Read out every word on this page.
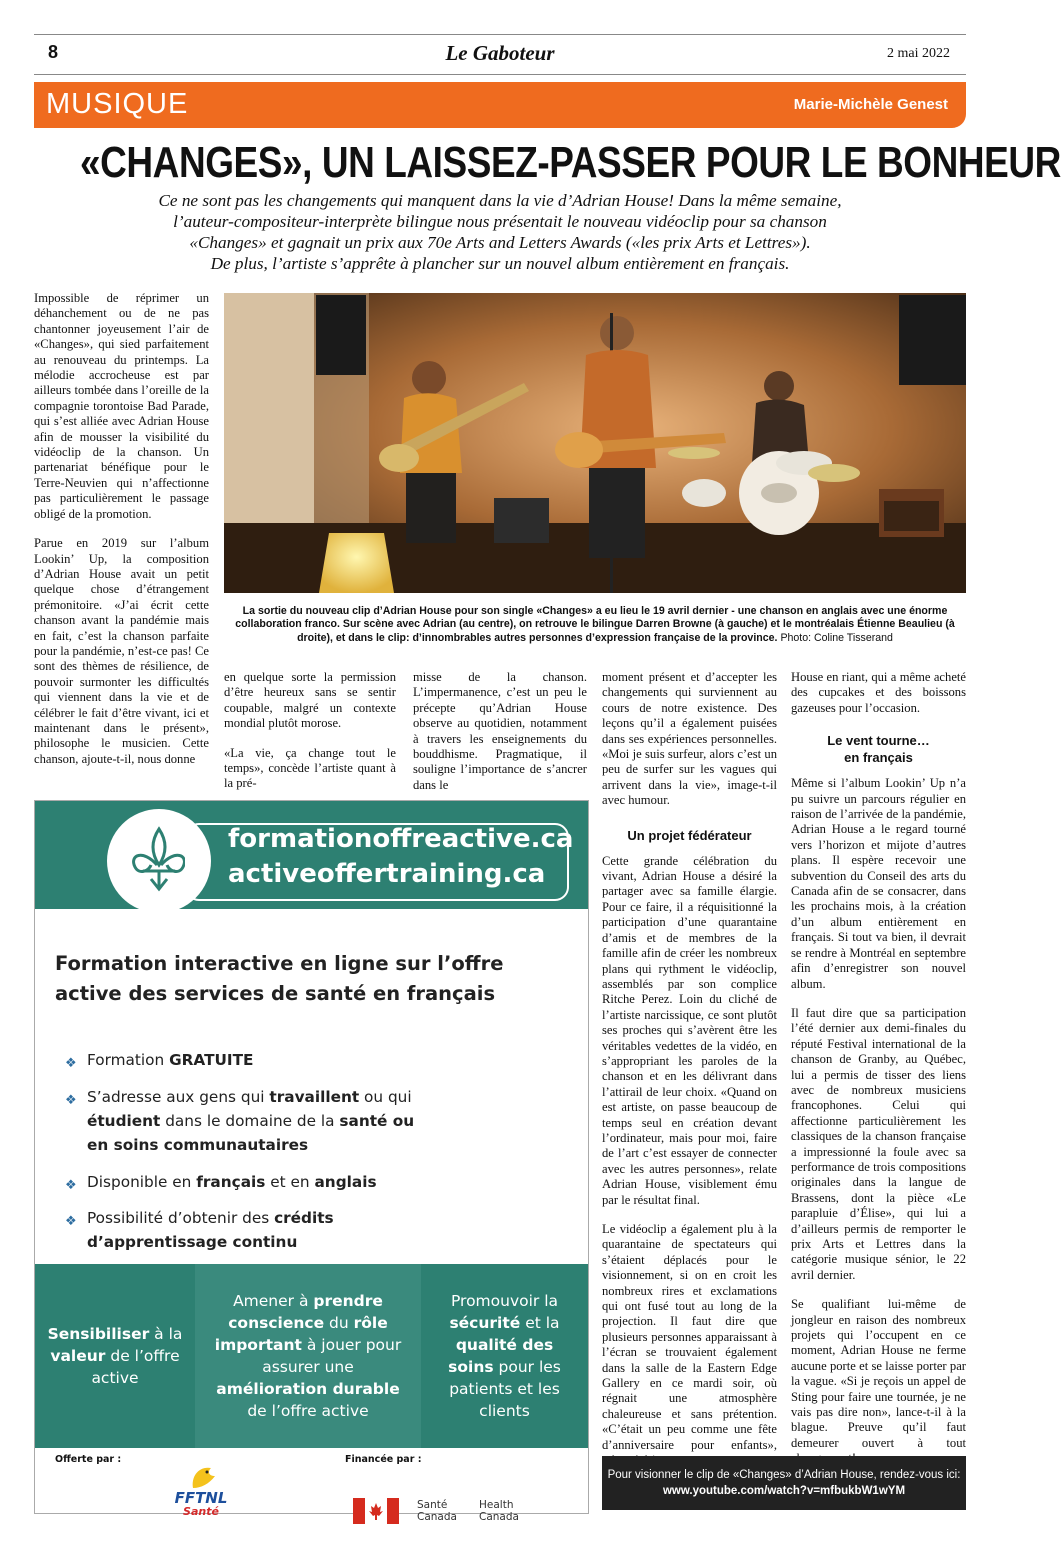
8	Le Gaboteur	2 mai 2022
MUSIQUE	Marie-Michèle Genest
«CHANGES», UN LAISSEZ-PASSER POUR LE BONHEUR
Ce ne sont pas les changements qui manquent dans la vie d’Adrian House! Dans la même semaine,
l’auteur-compositeur-interprète bilingue nous présentait le nouveau vidéoclip pour sa chanson
«Changes» et gagnait un prix aux 70e Arts and Letters Awards («les prix Arts et Lettres»).
De plus, l’artiste s’apprête à plancher sur un nouvel album entièrement en français.

Impossible de réprimer un déhanchement ou de ne pas chantonner joyeusement l’air de «Changes», qui sied parfaitement au renouveau du printemps. La mélodie accrocheuse est par ailleurs tombée dans l’oreille de la compagnie torontoise Bad Parade, qui s’est alliée avec Adrian House afin de mousser la visibilité du vidéoclip de la chanson. Un partenariat bénéfique pour le Terre-Neuvien qui n’affectionne pas particulièrement le passage obligé de la promotion.

Parue en 2019 sur l’album Lookin’ Up, la composition d’Adrian House avait un petit quelque chose d’étrangement prémonitoire. «J’ai écrit cette chanson avant la pandémie mais en fait, c’est la chanson parfaite pour la pandémie, n’est-ce pas! Ce sont des thèmes de résilience, de pouvoir surmonter les difficultés qui viennent dans la vie et de célébrer le fait d’être vivant, ici et maintenant dans le présent», philosophe le musicien. Cette chanson, ajoute-t-il, nous donne

La sortie du nouveau clip d’Adrian House pour son single «Changes» a eu lieu le 19 avril dernier - une chanson en anglais avec une énorme collaboration franco. Sur scène avec Adrian (au centre), on retrouve le bilingue Darren Browne (à gauche) et le montréalais Étienne Beaulieu (à droite), et dans le clip: d’innombrables autres personnes d’expression française de la province. Photo: Coline Tisserand

en quelque sorte la permission d’être heureux sans se sentir coupable, malgré un contexte mondial plutôt morose.

«La vie, ça change tout le temps», concède l’artiste quant à la pré-

misse de la chanson. L’impermanence, c’est un peu le précepte qu’Adrian House observe au quotidien, notamment à travers les enseignements du bouddhisme. Pragmatique, il souligne l’importance de s’ancrer dans le

moment présent et d’accepter les changements qui surviennent au cours de notre existence. Des leçons qu’il a également puisées dans ses expériences personnelles. «Moi je suis surfeur, alors c’est un peu de surfer sur les vagues qui arrivent dans la vie», image-t-il avec humour.

Un projet fédérateur

Cette grande célébration du vivant, Adrian House a désiré la partager avec sa famille élargie. Pour ce faire, il a réquisitionné la participation d’une quarantaine d’amis et de membres de la famille afin de créer les nombreux plans qui rythment le vidéoclip, assemblés par son complice Ritche Perez. Loin du cliché de l’artiste narcissique, ce sont plutôt ses proches qui s’avèrent être les véritables vedettes de la vidéo, en s’appropriant les paroles de la chanson et en les délivrant dans l’attirail de leur choix. «Quand on est artiste, on passe beaucoup de temps seul en création devant l’ordinateur, mais pour moi, faire de l’art c’est essayer de connecter avec les autres personnes», relate Adrian House, visiblement ému par le résultat final.

Le vidéoclip a également plu à la quarantaine de spectateurs qui s’étaient déplacés pour le visionnement, si on en croit les nombreux rires et exclamations qui ont fusé tout au long de la projection. Il faut dire que plusieurs personnes apparaissant à l’écran se trouvaient également dans la salle de la Eastern Edge Gallery en ce mardi soir, où régnait une atmosphère chaleureuse et sans prétention. «C’était un peu comme une fête d’anniversaire pour enfants»,

House en riant, qui a même acheté des cupcakes et des boissons gazeuses pour l’occasion.

Le vent tourne… en français

Même si l’album Lookin’ Up n’a pu suivre un parcours régulier en raison de l’arrivée de la pandémie, Adrian House a le regard tourné vers l’horizon et mijote d’autres plans. Il espère recevoir une subvention du Conseil des arts du Canada afin de se consacrer, dans les prochains mois, à la création d’un album entièrement en français. Si tout va bien, il devrait se rendre à Montréal en septembre afin d’enregistrer son nouvel album.

Il faut dire que sa participation l’été dernier aux demi-finales du réputé Festival international de la chanson de Granby, au Québec, lui a permis de tisser des liens avec de nombreux musiciens francophones. Celui qui affectionne particulièrement les classiques de la chanson française a impressionné la foule avec sa performance de trois compositions originales dans la langue de Brassens, dont la pièce «Le parapluie d’Élise», qui lui a d’ailleurs permis de remporter le prix Arts et Lettres dans la catégorie musique sénior, le 22 avril dernier.

Se qualifiant lui-même de jongleur en raison des nombreux projets qui l’occupent en ce moment, Adrian House ne ferme aucune porte et se laisse porter par la vague. «Si je reçois un appel de Sting pour faire une tournée, je ne vais pas dire non», lance-t-il à la blague. Preuve qu’il faut demeurer ouvert à tout

formationoffreactive.ca
activeoffertraining.ca
Formation interactive en ligne sur l’offre active des services de santé en français
❖ Formation GRATUITE
❖ S’adresse aux gens qui travaillent ou qui étudient dans le domaine de la santé ou en soins communautaires
❖ Disponible en français et en anglais
❖ Possibilité d’obtenir des crédits d’apprentissage continu
Sensibiliser à la valeur de l’offre active
Amener à prendre conscience du rôle important à jouer pour assurer une amélioration durable de l’offre active
Promouvoir la sécurité et la qualité des soins pour les patients et les clients
Offerte par :	Financée par :
FFTNL
Santé	Santé
Canada
Health
Canada
Pour visionner le clip de «Changes» d’Adrian House, rendez-vous ici:
www.youtube.com/watch?v=mfbukbW1wYM
